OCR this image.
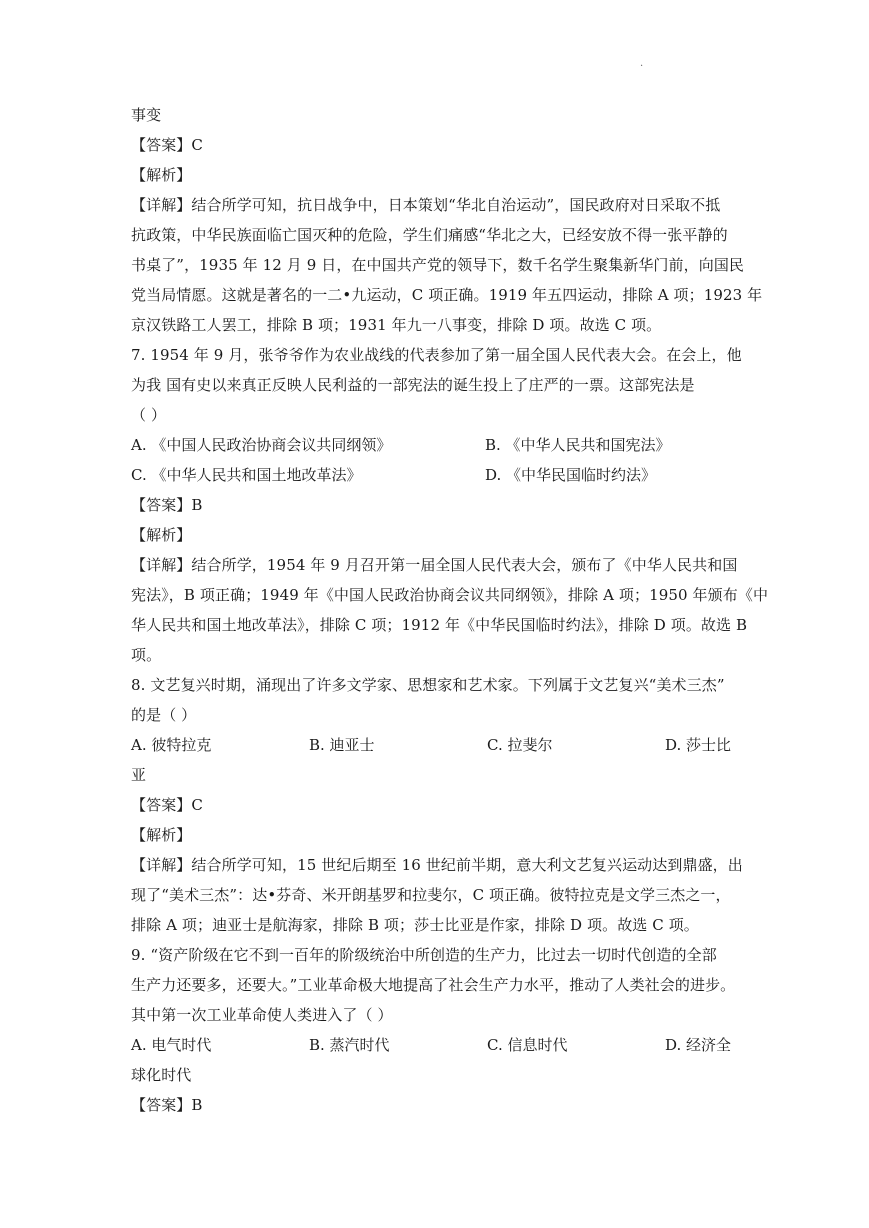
.
事变
【答案】C
【解析】
【详解】结合所学可知，抗日战争中，日本策划“华北自治运动”，国民政府对日采取不抵
抗政策，中华民族面临亡国灭种的危险，学生们痛感“华北之大，已经安放不得一张平静的
书桌了”，1935 年 12 月 9 日，在中国共产党的领导下，数千名学生聚集新华门前，向国民
党当局情愿。这就是著名的一二•九运动，C 项正确。1919 年五四运动，排除 A 项；1923 年
京汉铁路工人罢工，排除 B 项；1931 年九一八事变，排除 D 项。故选 C 项。
7. 1954 年 9 月，张爷爷作为农业战线的代表参加了第一届全国人民代表大会。在会上，他
为我 国有史以来真正反映人民利益的一部宪法的诞生投上了庄严的一票。这部宪法是
（ ）
A. 《中国人民政治协商会议共同纲领》	B. 《中华人民共和国宪法》
C. 《中华人民共和国土地改革法》	D. 《中华民国临时约法》
【答案】B
【解析】
【详解】结合所学，1954 年 9 月召开第一届全国人民代表大会，颁布了《中华人民共和国
宪法》，B 项正确；1949 年《中国人民政治协商会议共同纲领》，排除 A 项；1950 年颁布《中
华人民共和国土地改革法》，排除 C 项；1912 年《中华民国临时约法》，排除 D 项。故选 B
项。
8. 文艺复兴时期，涌现出了许多文学家、思想家和艺术家。下列属于文艺复兴“美术三杰”
的是（ ）
A. 彼特拉克	B. 迪亚士	C. 拉斐尔	D. 莎士比
亚
【答案】C
【解析】
【详解】结合所学可知，15 世纪后期至 16 世纪前半期，意大利文艺复兴运动达到鼎盛，出
现了“美术三杰”：达•芬奇、米开朗基罗和拉斐尔，C 项正确。彼特拉克是文学三杰之一，
排除 A 项；迪亚士是航海家，排除 B 项；莎士比亚是作家，排除 D 项。故选 C 项。
9. “资产阶级在它不到一百年的阶级统治中所创造的生产力，比过去一切时代创造的全部
生产力还要多，还要大。”工业革命极大地提高了社会生产力水平，推动了人类社会的进步。
其中第一次工业革命使人类进入了（ ）
A. 电气时代	B. 蒸汽时代	C. 信息时代	D. 经济全
球化时代
【答案】B
